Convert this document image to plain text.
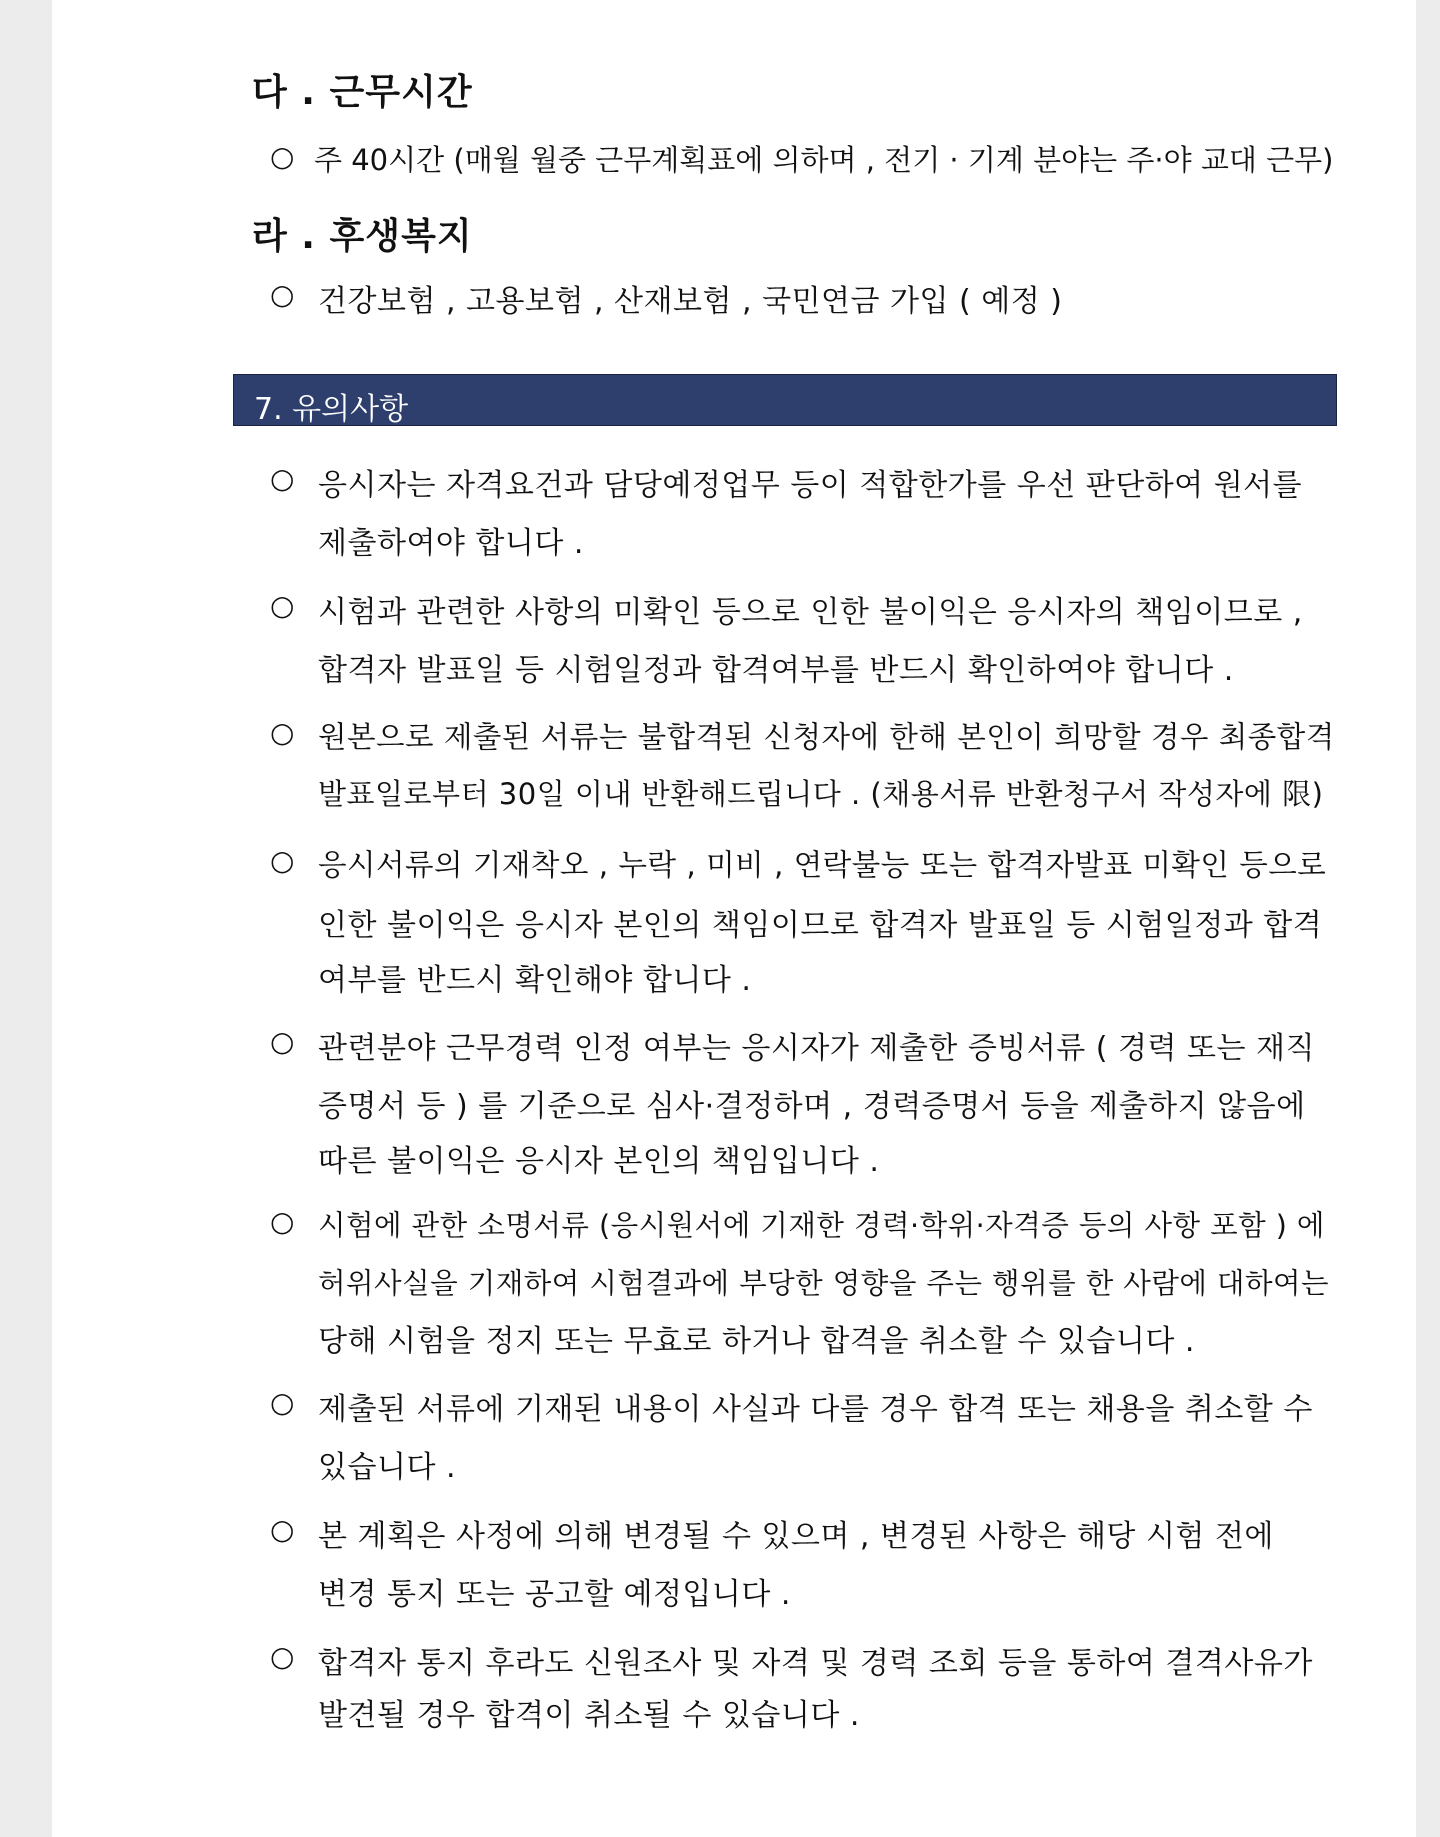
다 . 근무시간
○ 주 40시간 (매월 월중 근무계획표에 의하며 , 전기 · 기계 분야는 주·야 교대 근무)
라 . 후생복지
○ 건강보험 , 고용보험 , 산재보험 , 국민연금 가입 ( 예정 )
7. 유의사항
○ 응시자는 자격요건과 담당예정업무 등이 적합한가를 우선 판단하여 원서를
제출하여야 합니다 .
○ 시험과 관련한 사항의 미확인 등으로 인한 불이익은 응시자의 책임이므로 ,
합격자 발표일 등 시험일정과 합격여부를 반드시 확인하여야 합니다 .
○ 원본으로 제출된 서류는 불합격된 신청자에 한해 본인이 희망할 경우 최종합격
발표일로부터 30일 이내 반환해드립니다 . (채용서류 반환청구서 작성자에 限)
○ 응시서류의 기재착오 , 누락 , 미비 , 연락불능 또는 합격자발표 미확인 등으로
인한 불이익은 응시자 본인의 책임이므로 합격자 발표일 등 시험일정과 합격
여부를 반드시 확인해야 합니다 .
○ 관련분야 근무경력 인정 여부는 응시자가 제출한 증빙서류 ( 경력 또는 재직
증명서 등 ) 를 기준으로 심사·결정하며 , 경력증명서 등을 제출하지 않음에
따른 불이익은 응시자 본인의 책임입니다 .
○ 시험에 관한 소명서류 (응시원서에 기재한 경력·학위·자격증 등의 사항 포함 ) 에
허위사실을 기재하여 시험결과에 부당한 영향을 주는 행위를 한 사람에 대하여는
당해 시험을 정지 또는 무효로 하거나 합격을 취소할 수 있습니다 .
○ 제출된 서류에 기재된 내용이 사실과 다를 경우 합격 또는 채용을 취소할 수
있습니다 .
○ 본 계획은 사정에 의해 변경될 수 있으며 , 변경된 사항은 해당 시험 전에
변경 통지 또는 공고할 예정입니다 .
○ 합격자 통지 후라도 신원조사 및 자격 및 경력 조회 등을 통하여 결격사유가
발견될 경우 합격이 취소될 수 있습니다 .
